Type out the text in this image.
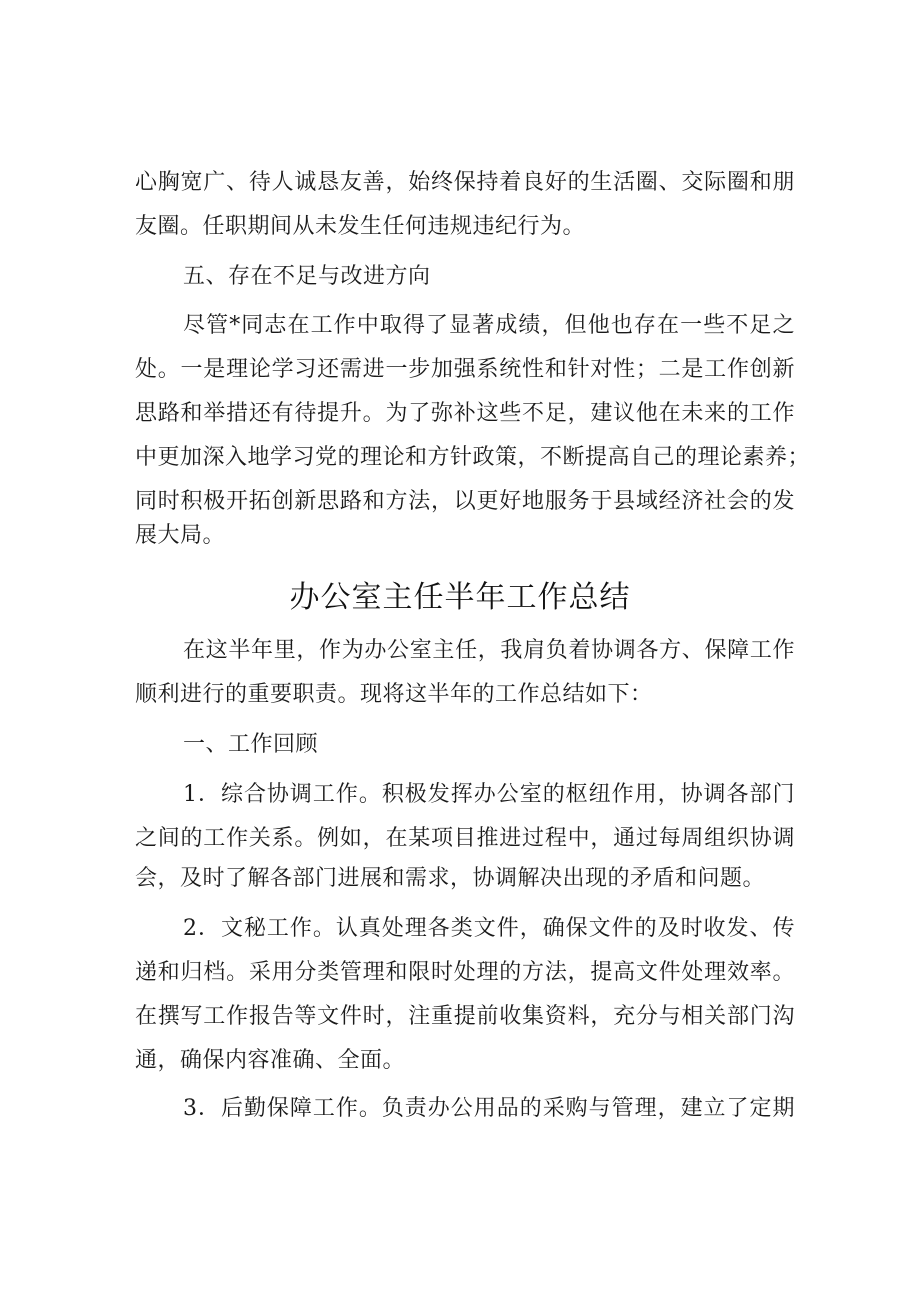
心胸宽广、待人诚恳友善，始终保持着良好的生活圈、交际圈和朋
友圈。任职期间从未发生任何违规违纪行为。
五、存在不足与改进方向
尽管*同志在工作中取得了显著成绩，但他也存在一些不足之
处。一是理论学习还需进一步加强系统性和针对性；二是工作创新
思路和举措还有待提升。为了弥补这些不足，建议他在未来的工作
中更加深入地学习党的理论和方针政策，不断提高自己的理论素养；
同时积极开拓创新思路和方法，以更好地服务于县域经济社会的发
展大局。
办公室主任半年工作总结
在这半年里，作为办公室主任，我肩负着协调各方、保障工作
顺利进行的重要职责。现将这半年的工作总结如下：
一、工作回顾
1．综合协调工作。积极发挥办公室的枢纽作用，协调各部门
之间的工作关系。例如，在某项目推进过程中，通过每周组织协调
会，及时了解各部门进展和需求，协调解决出现的矛盾和问题。
2．文秘工作。认真处理各类文件，确保文件的及时收发、传
递和归档。采用分类管理和限时处理的方法，提高文件处理效率。
在撰写工作报告等文件时，注重提前收集资料，充分与相关部门沟
通，确保内容准确、全面。
3．后勤保障工作。负责办公用品的采购与管理，建立了定期
